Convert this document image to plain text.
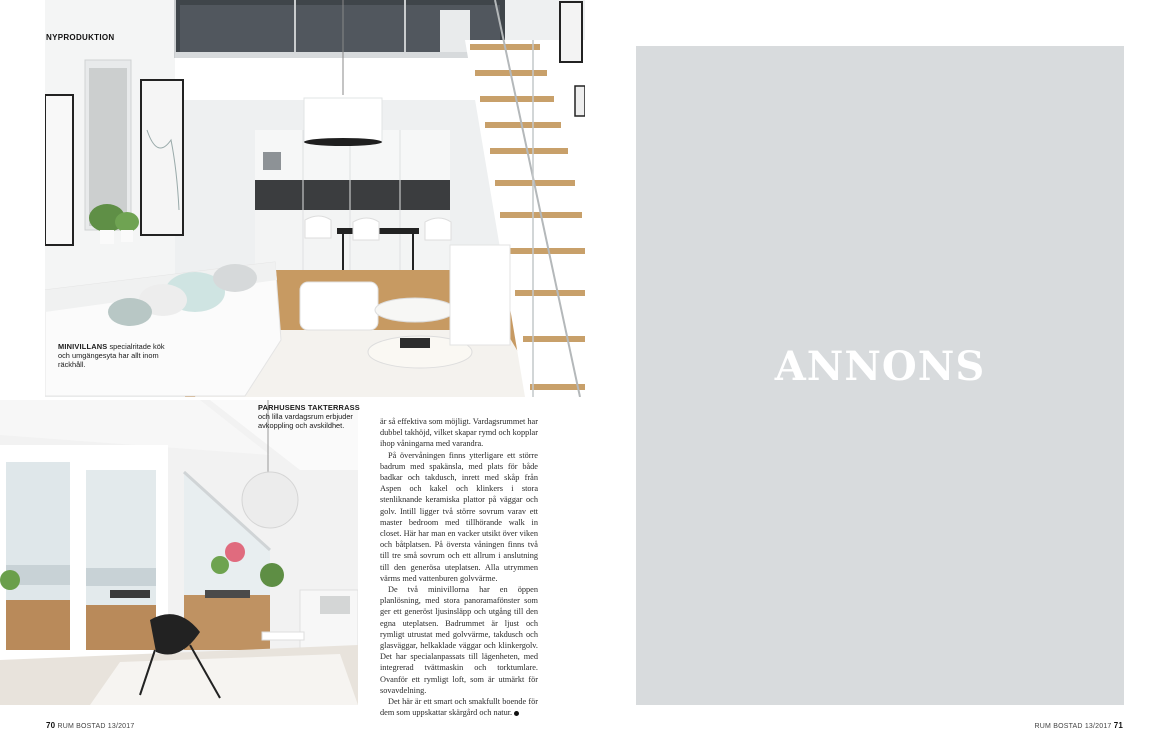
NYPRODUKTION
MINIVILLANS specialritade kök och umgängesyta har allt inom räckhåll.
PARHUSENS TAKTERRASS och lilla vardagsrum erbjuder avkoppling och avskildhet.	är så effektiva som möjligt. Vardagsrummet har dubbel takhöjd, vilket skapar rymd och kopplar ihop våningarna med varandra.

På övervåningen finns ytterligare ett större badrum med spakänsla, med plats för både badkar och takdusch, inrett med skåp från Aspen och kakel och klinkers i stora stenliknande keramiska plattor på väggar och golv. Intill ligger två större sovrum varav ett master bedroom med tillhörande walk in closet. Här har man en vacker utsikt över viken och båtplatsen. På översta våningen finns två till tre små sovrum och ett allrum i anslutning till den generösa uteplatsen. Alla utrymmen värms med vattenburen golvvärme.

De två minivillorna har en öppen planlösning, med stora panoramafönster som ger ett generöst ljusinsläpp och utgång till den egna uteplatsen. Badrummet är ljust och rymligt utrustat med golvvärme, takdusch och glasväggar, helkaklade väggar och klinkergolv. Det har specialanpassats till lägenheten, med integrerad tvättmaskin och torktumlare. Ovanför ett rymligt loft, som är utmärkt för sovavdelning.

Det här är ett smart och smakfullt boende för dem som uppskattar skärgård och natur.

70 RUM BOSTAD 13/2017
ANNONS
RUM BOSTAD 13/2017 71
